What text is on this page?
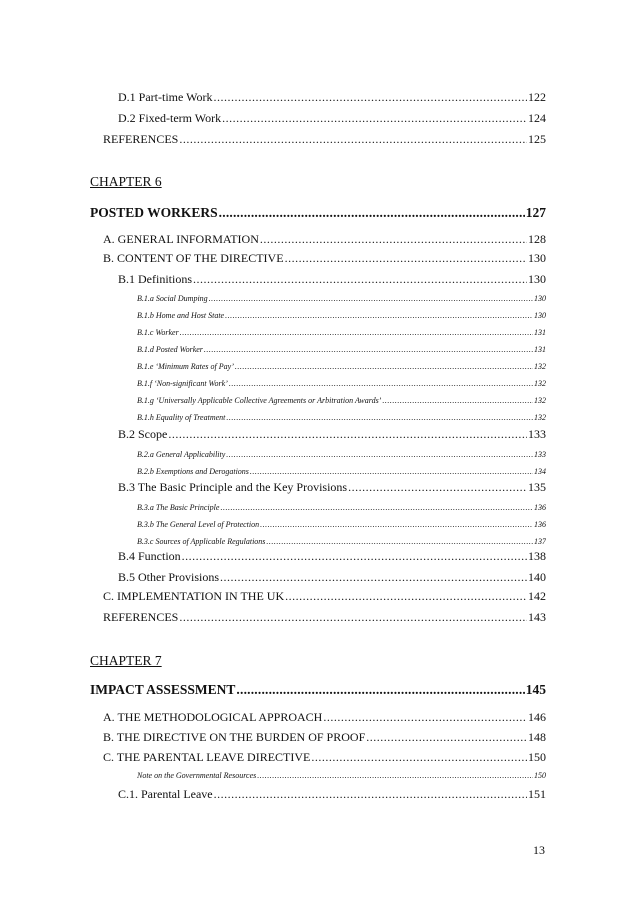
D.1 Part-time Work .....	122
D.2 Fixed-term Work .....	124
REFERENCES .....	125
CHAPTER 6
POSTED WORKERS .....	127
A. GENERAL INFORMATION .....	128
B. CONTENT OF THE DIRECTIVE .....	130
B.1 Definitions .....	130
B.1.a Social Dumping .....	130
B.1.b Home and Host State .....	130
B.1.c Worker .....	131
B.1.d Posted Worker .....	131
B.1.e ‘Minimum Rates of Pay’ .....	132
B.1.f ‘Non-significant Work’ .....	132
B.1.g ‘Universally Applicable Collective Agreements or Arbitration Awards’ .....	132
B.1.h Equality of Treatment .....	132
B.2 Scope .....	133
B.2.a General Applicability .....	133
B.2.b Exemptions and Derogations .....	134
B.3 The Basic Principle and the Key Provisions .....	135
B.3.a The Basic Principle .....	136
B.3.b The General Level of Protection .....	136
B.3.c Sources of Applicable Regulations .....	137
B.4 Function .....	138
B.5 Other Provisions .....	140
C. IMPLEMENTATION IN THE UK .....	142
REFERENCES .....	143
CHAPTER 7
IMPACT ASSESSMENT .....	145
A. THE METHODOLOGICAL APPROACH .....	146
B. THE DIRECTIVE ON THE BURDEN OF PROOF .....	148
C. THE PARENTAL LEAVE DIRECTIVE .....	150
Note on the Governmental Resources .....	150
C.1. Parental Leave .....	151
13
